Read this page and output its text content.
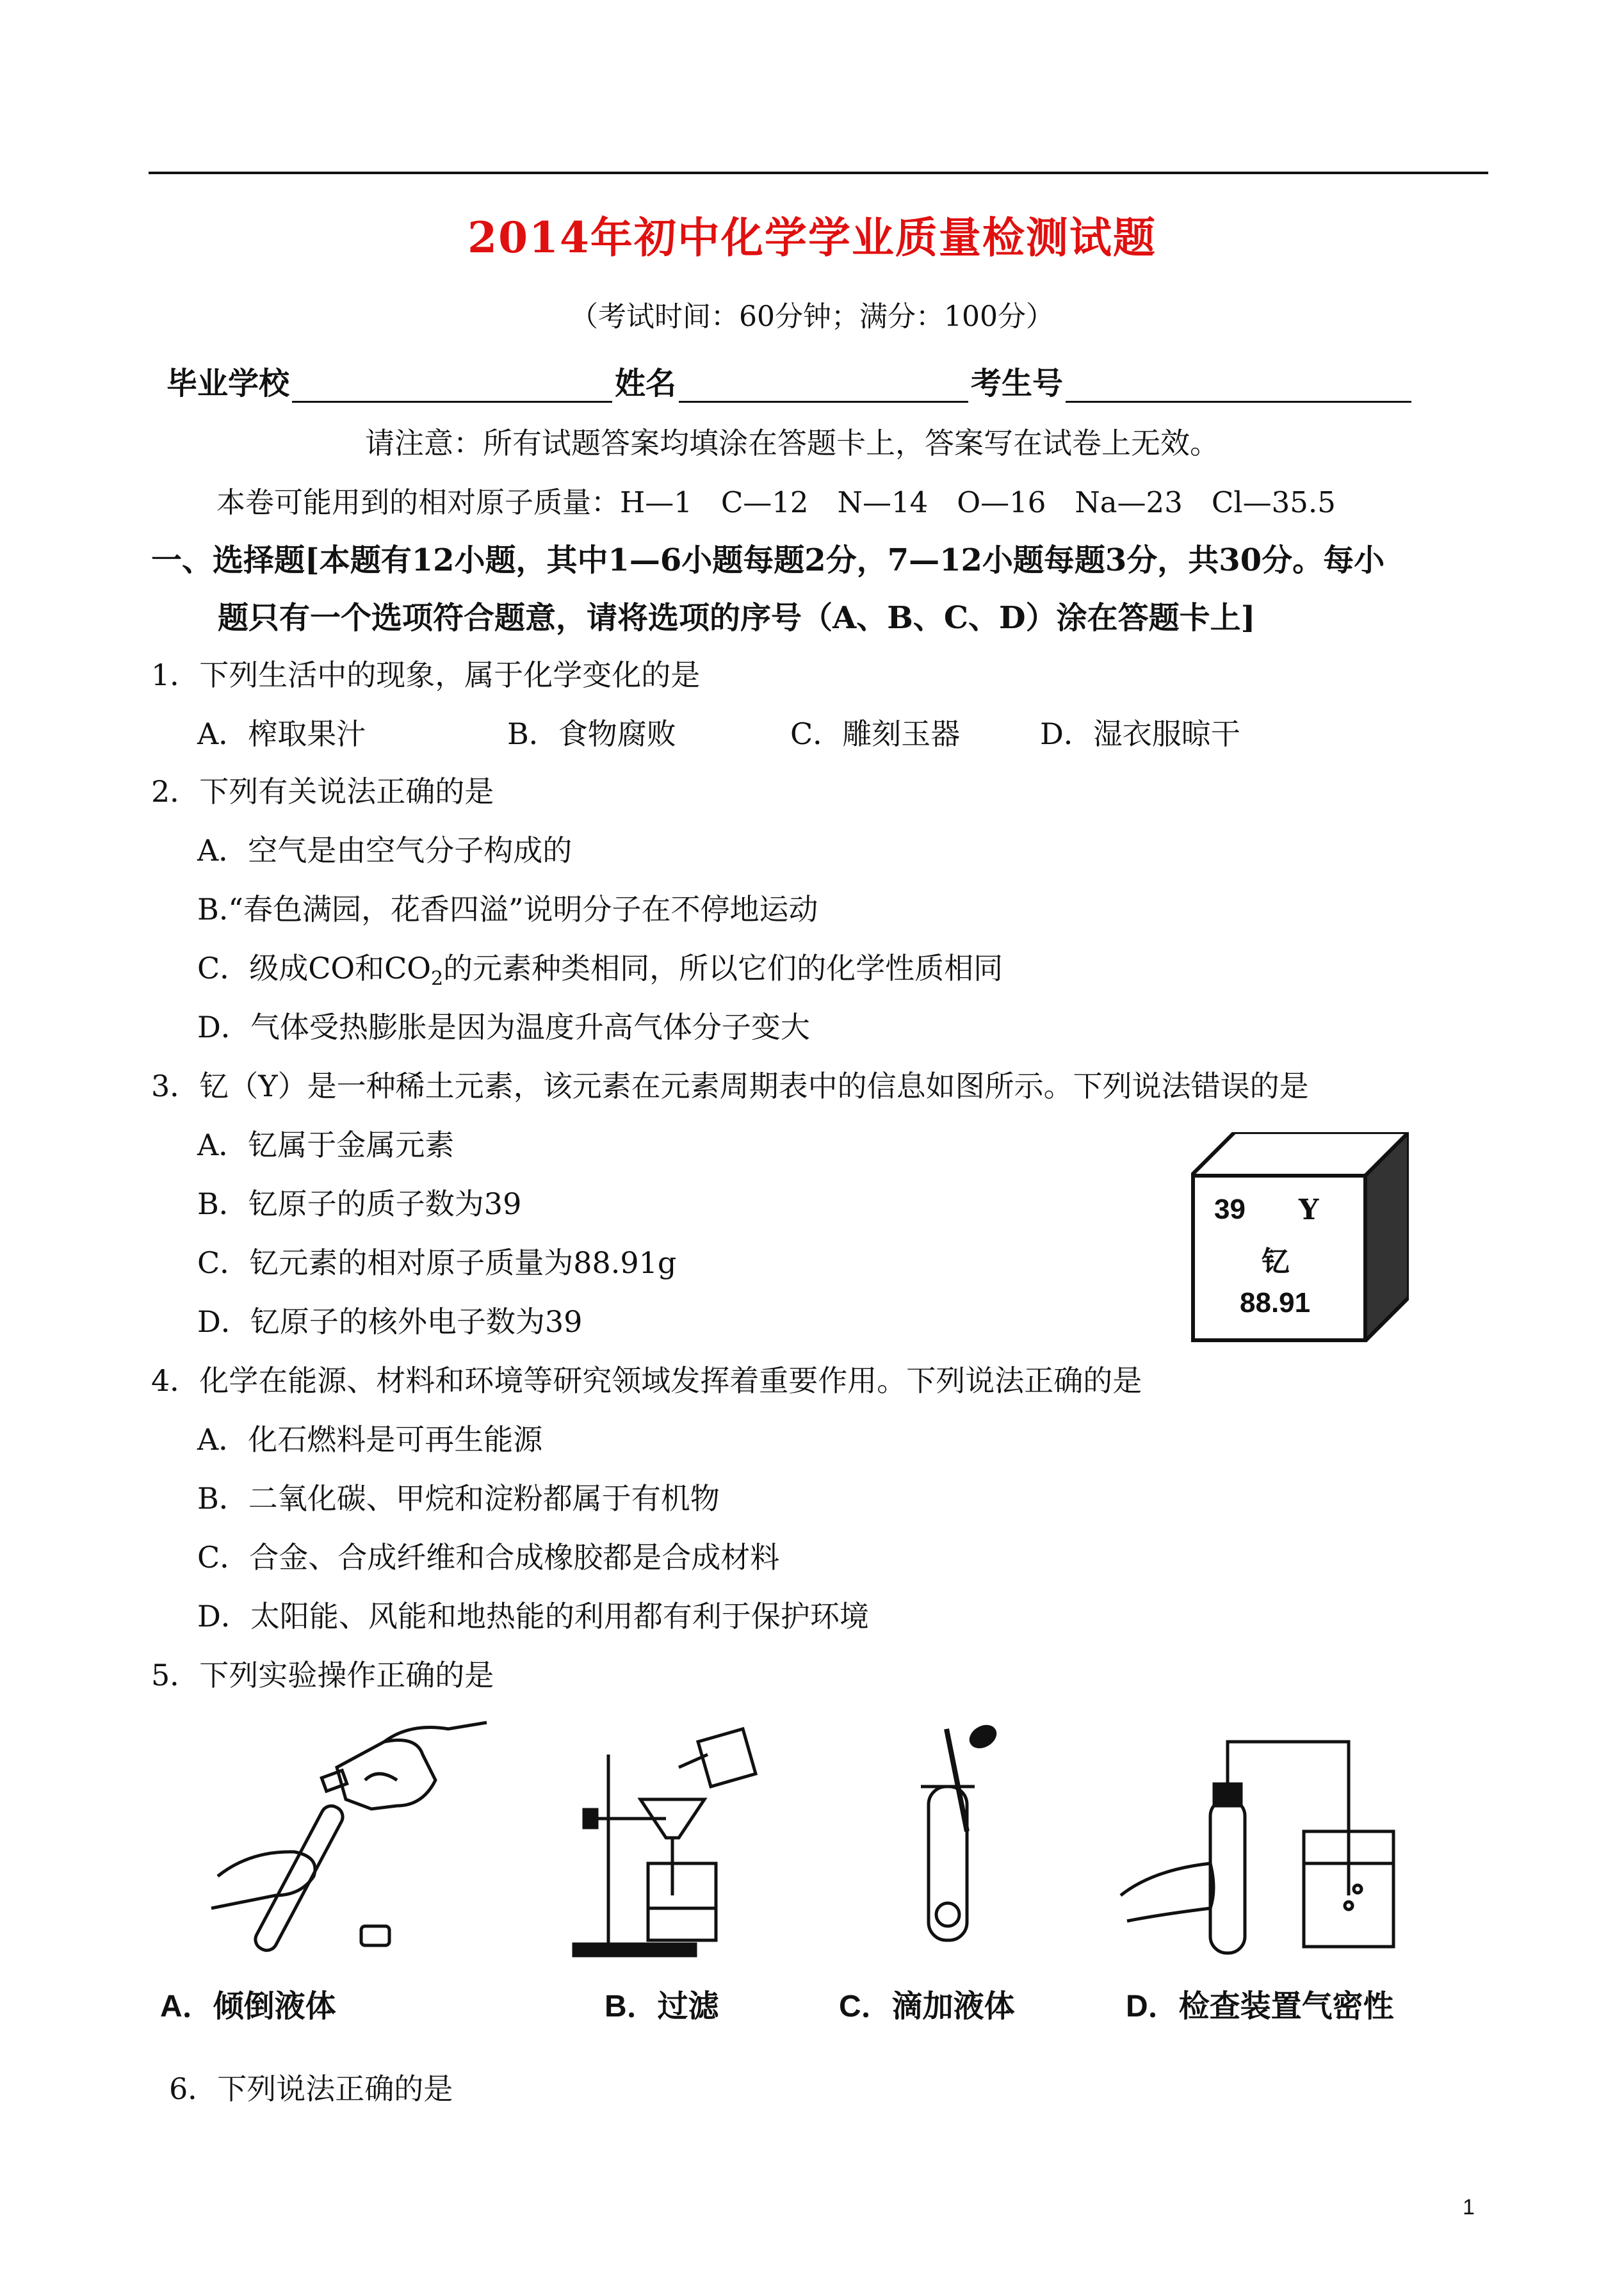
2014年初中化学学业质量检测试题
（考试时间：60分钟；满分：100分）
毕业学校	姓名	考生号
请注意：所有试题答案均填涂在答题卡上，答案写在试卷上无效。
本卷可能用到的相对原子质量：H—1　C—12　N—14　O—16　Na—23　Cl—35.5
一、选择题[本题有12小题，其中1—6小题每题2分，7—12小题每题3分，共30分。每小
题只有一个选项符合题意，请将选项的序号（A、B、C、D）涂在答题卡上]
1．下列生活中的现象，属于化学变化的是
A．榨取果汁	B．食物腐败	C．雕刻玉器	D．湿衣服晾干
2．下列有关说法正确的是
A．空气是由空气分子构成的
B.“春色满园，花香四溢”说明分子在不停地运动
C．级成CO和$CO_2$的元素种类相同，所以它们的化学性质相同
D．气体受热膨胀是因为温度升高气体分子变大
3．钇（Y）是一种稀土元素，该元素在元素周期表中的信息如图所示。下列说法错误的是
A．钇属于金属元素
B．钇原子的质子数为39
C．钇元素的相对原子质量为88.91g
D．钇原子的核外电子数为39
39 Y
钇
88.91
4．化学在能源、材料和环境等研究领域发挥着重要作用。下列说法正确的是
A．化石燃料是可再生能源
B．二氧化碳、甲烷和淀粉都属于有机物
C．合金、合成纤维和合成橡胶都是合成材料
D．太阳能、风能和地热能的利用都有利于保护环境
5．下列实验操作正确的是
A．倾倒液体	B．过滤	C．滴加液体	D．检查装置气密性
6．下列说法正确的是
1
